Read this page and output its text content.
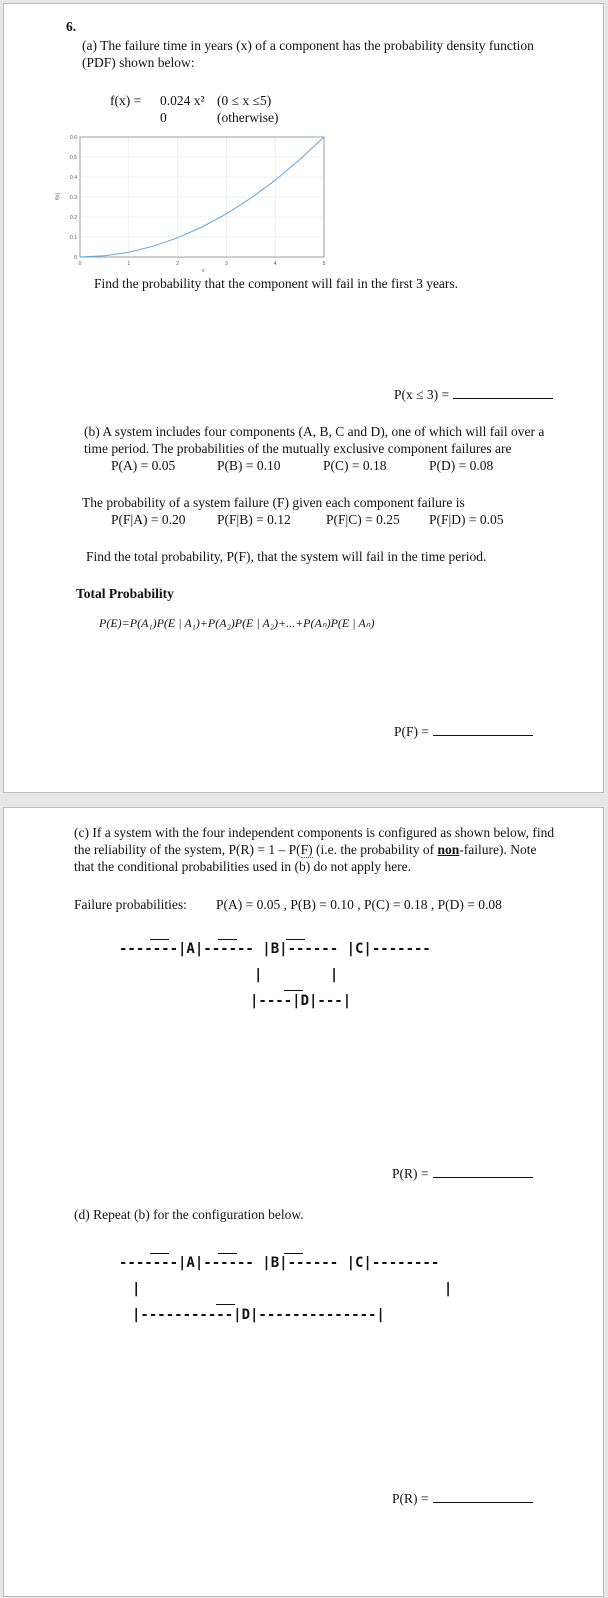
6.

(a) The failure time in years (x) of a component has the probability density function

(PDF) shown below:

f(x) = 0.024 x² (0 ≤ x ≤5)

0	(otherwise)

0
0.1
0.2
0.3
0.4
0.5
0.6
0	1	2	3	4	5
f(x)
x

Find the probability that the component will fail in the first 3 years.

P(x ≤ 3) =

(b) A system includes four components (A, B, C and D), one of which will fail over a

time period. The probabilities of the mutually exclusive component failures are

P(A) = 0.05	P(B) = 0.10	P(C) = 0.18	P(D) = 0.08

The probability of a system failure (F) given each component failure is

P(F|A) = 0.20 P(F|B) = 0.12	P(F|C) = 0.25 P(F|D) = 0.05

Find the total probability, P(F), that the system will fail in the time period.

Total Probability

P(E)=P(A₁)P(E | A₁)+P(A₂)P(E | A₂)+...+P(Aₙ)P(E | Aₙ)

P(F) =

(c) If a system with the four independent components is configured as shown below, find

the reliability of the system, P(R) = 1 – P(F) (i.e. the probability of non-failure). Note

that the conditional probabilities used in (b) do not apply here.

Failure probabilities: P(A) = 0.05 , P(B) = 0.10 , P(C) = 0.18 , P(D) = 0.08

-------|A|------ |B|------ |C|-------
|        |
|----|D|---|

P(R) =

(d) Repeat (b) for the configuration below.

-------|A|------ |B|------ |C|--------
|                                    |
|-----------|D|--------------|

P(R) =
